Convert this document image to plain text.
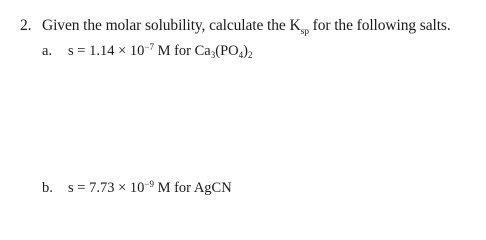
2. Given the molar solubility, calculate the $K_{sp}$ for the following salts.
a. $s = 1.14 \times 10^{-7}$ M for $Ca_3(PO_4)_2$
b. $s = 7.73 \times 10^{-9}$ M for AgCN
